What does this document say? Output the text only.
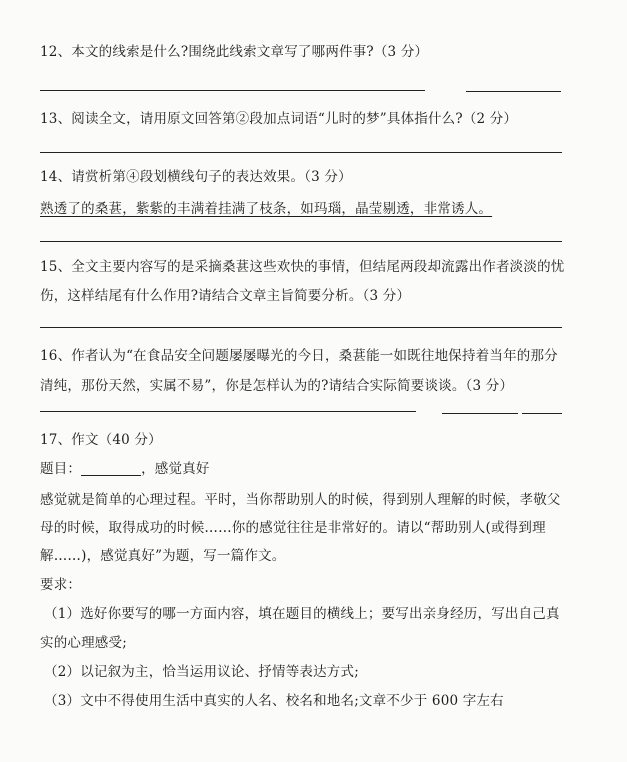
12、本文的线索是什么?围绕此线索文章写了哪两件事?（3 分）
13、阅读全文，请用原文回答第②段加点词语“儿时的梦”具体指什么?（2 分）
14、请赏析第④段划横线句子的表达效果。（3 分）
熟透了的桑葚，紫紫的丰满着挂满了枝条，如玛瑙，晶莹剔透，非常诱人。
15、全文主要内容写的是采摘桑葚这些欢快的事情，但结尾两段却流露出作者淡淡的忧
伤，这样结尾有什么作用?请结合文章主旨简要分析。（3 分）
16、作者认为“在食品安全问题屡屡曝光的今日，桑葚能一如既往地保持着当年的那分
清纯，那份天然，实属不易”，你是怎样认为的?请结合实际简要谈谈。（3 分）
17、作文（40 分）
题目：	，感觉真好
感觉就是简单的心理过程。平时，当你帮助别人的时候，得到别人理解的时候，孝敬父
母的时候，取得成功的时候……你的感觉往往是非常好的。请以“帮助别人(或得到理
解……)，感觉真好”为题，写一篇作文。
要求：
（1）选好你要写的哪一方面内容，填在题目的横线上；要写出亲身经历，写出自己真
实的心理感受;
（2）以记叙为主，恰当运用议论、抒情等表达方式;
（3）文中不得使用生活中真实的人名、校名和地名;文章不少于 600 字左右
